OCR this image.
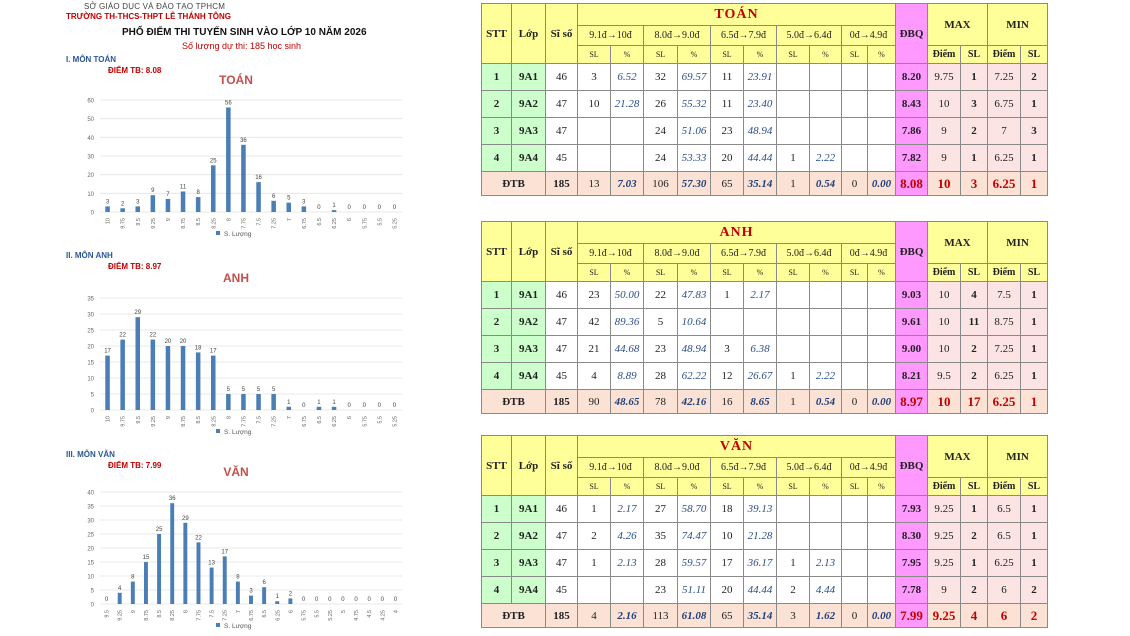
SỞ GIÁO DỤC VÀ ĐÀO TẠO TPHCM
TRƯỜNG TH-THCS-THPT LÊ THÁNH TÔNG
PHỔ ĐIỂM THI TUYỂN SINH VÀO LỚP 10 NĂM 2026
Số lượng dự thi: 185 học sinh
I. MÔN TOÁN
ĐIỂM TB: 8.08
TOÁN
0
10
20
30
40
50
60
3
10
2
9.75
3
9.5
9
9.25
7
9
11
8.75
8
8.5
25
8.25
56
8
36
7.75
16
7.5
6
7.25
5
7
3
6.75
0
6.5
1
6.25
0
6
0
5.75
0
5.5
0
5.25
S. Lượng
II. MÔN ANH
ĐIỂM TB: 8.97
ANH
0
5
10
15
20
25
30
35
17
10
22
9.75
29
9.5
22
9.25
20
9
20
8.75
18
8.5
17
8.25
5
8
5
7.75
5
7.5
5
7.25
1
7
0
6.75
1
6.5
1
6.25
0
6
0
5.75
0
5.5
0
5.25
S. Lượng
III. MÔN VĂN
ĐIỂM TB: 7.99	VĂN
0
5
10
15
20
25
30
35
40
0
9.5
4
9.25
8
9
15
8.75
25
8.5
36
8.25
29
8
22
7.75
13
7.5
17
7.25
8
7
3
6.75
6
6.5
1
6.25
2
6
0
5.75
0
5.5
0
5.25
0
5
0
4.75
0
4.5
0
4.25
0
4
S. Lượng
STT	Lớp	Sĩ số	TOÁN										ĐBQ	MAX		MIN	
			9.1đ→10đ		8.0đ→9.0đ		6.5đ→7.9đ		5.0đ→6.4đ		0đ→4.9đ						
			SL	%	SL	%	SL	%	SL	%	SL	%		Điểm	SL	Điểm	SL
1	9A1	46	3	6.52	32	69.57	11	23.91					8.20	9.75	1	7.25	2
2	9A2	47	10	21.28	26	55.32	11	23.40					8.43	10	3	6.75	1
3	9A3	47			24	51.06	23	48.94					7.86	9	2	7	3
4	9A4	45			24	53.33	20	44.44	1	2.22			7.82	9	1	6.25	1
ĐTB		185	13	7.03	106	57.30	65	35.14	1	0.54	0	0.00	8.08	10	3	6.25	1
STT	Lớp	Sĩ số	ANH										ĐBQ	MAX		MIN	
			9.1đ→10đ		8.0đ→9.0đ		6.5đ→7.9đ		5.0đ→6.4đ		0đ→4.9đ						
			SL	%	SL	%	SL	%	SL	%	SL	%		Điểm	SL	Điểm	SL
1	9A1	46	23	50.00	22	47.83	1	2.17					9.03	10	4	7.5	1
2	9A2	47	42	89.36	5	10.64							9.61	10	11	8.75	1
3	9A3	47	21	44.68	23	48.94	3	6.38					9.00	10	2	7.25	1
4	9A4	45	4	8.89	28	62.22	12	26.67	1	2.22			8.21	9.5	2	6.25	1
ĐTB		185	90	48.65	78	42.16	16	8.65	1	0.54	0	0.00	8.97	10	17	6.25	1
STT	Lớp	Sĩ số	VĂN										ĐBQ	MAX		MIN	
			9.1đ→10đ		8.0đ→9.0đ		6.5đ→7.9đ		5.0đ→6.4đ		0đ→4.9đ						
			SL	%	SL	%	SL	%	SL	%	SL	%		Điểm	SL	Điểm	SL
1	9A1	46	1	2.17	27	58.70	18	39.13					7.93	9.25	1	6.5	1
2	9A2	47	2	4.26	35	74.47	10	21.28					8.30	9.25	2	6.5	1
3	9A3	47	1	2.13	28	59.57	17	36.17	1	2.13			7.95	9.25	1	6.25	1
4	9A4	45			23	51.11	20	44.44	2	4.44			7.78	9	2	6	2
ĐTB		185	4	2.16	113	61.08	65	35.14	3	1.62	0	0.00	7.99	9.25	4	6	2
